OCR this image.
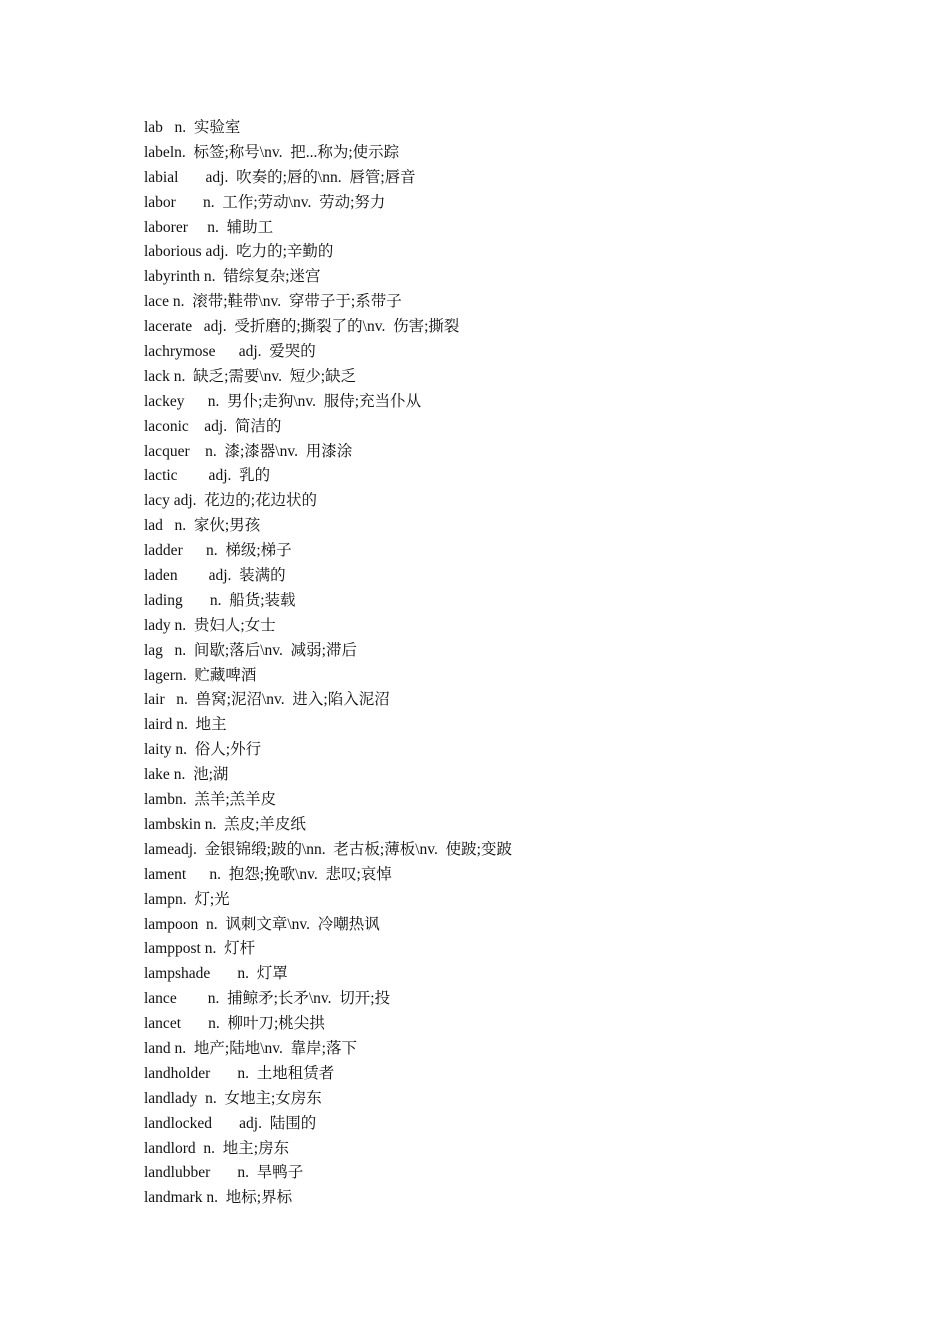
lab   n.  实验室
labeln.  标签;称号\nv.  把...称为;使示踪
labial       adj.  吹奏的;唇的\nn.  唇管;唇音
labor       n.  工作;劳动\nv.  劳动;努力
laborer     n.  辅助工
laborious adj.  吃力的;辛勤的
labyrinth n.  错综复杂;迷宫
lace n.  滚带;鞋带\nv.  穿带子于;系带子
lacerate   adj.  受折磨的;撕裂了的\nv.  伤害;撕裂
lachrymose      adj.  爱哭的
lack n.  缺乏;需要\nv.  短少;缺乏
lackey      n.  男仆;走狗\nv.  服侍;充当仆从
laconic    adj.  简洁的
lacquer    n.  漆;漆器\nv.  用漆涂
lactic        adj.  乳的
lacy adj.  花边的;花边状的
lad   n.  家伙;男孩
ladder      n.  梯级;梯子
laden        adj.  装满的
lading       n.  船货;装载
lady n.  贵妇人;女士
lag   n.  间歇;落后\nv.  减弱;滞后
lagern.  贮藏啤酒
lair   n.  兽窝;泥沼\nv.  进入;陷入泥沼
laird n.  地主
laity n.  俗人;外行
lake n.  池;湖
lambn.  羔羊;羔羊皮
lambskin n.  羔皮;羊皮纸
lameadj.  金银锦缎;跛的\nn.  老古板;薄板\nv.  使跛;变跛
lament      n.  抱怨;挽歌\nv.  悲叹;哀悼
lampn.  灯;光
lampoon  n.  讽刺文章\nv.  冷嘲热讽
lamppost n.  灯杆
lampshade       n.  灯罩
lance        n.  捕鲸矛;长矛\nv.  切开;投
lancet       n.  柳叶刀;桃尖拱
land n.  地产;陆地\nv.  靠岸;落下
landholder       n.  土地租赁者
landlady  n.  女地主;女房东
landlocked       adj.  陆围的
landlord  n.  地主;房东
landlubber       n.  旱鸭子
landmark n.  地标;界标
